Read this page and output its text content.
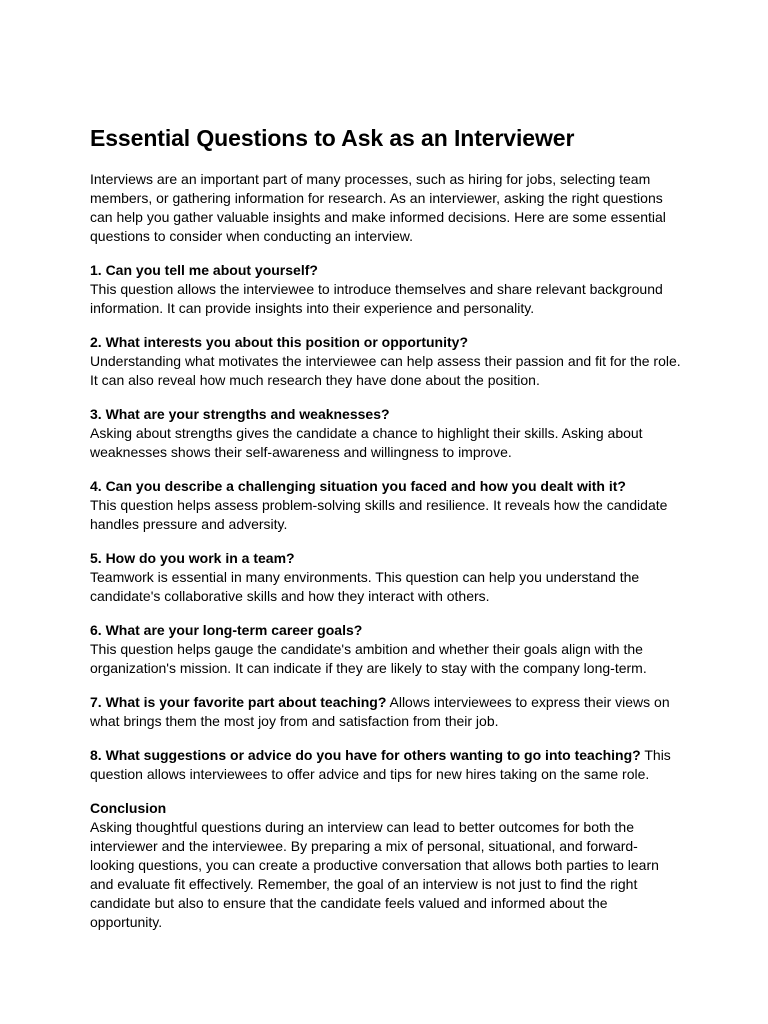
Essential Questions to Ask as an Interviewer

Interviews are an important part of many processes, such as hiring for jobs, selecting team members, or gathering information for research. As an interviewer, asking the right questions can help you gather valuable insights and make informed decisions. Here are some essential questions to consider when conducting an interview.

1. Can you tell me about yourself?
This question allows the interviewee to introduce themselves and share relevant background information. It can provide insights into their experience and personality.

2. What interests you about this position or opportunity?
Understanding what motivates the interviewee can help assess their passion and fit for the role. It can also reveal how much research they have done about the position.

3. What are your strengths and weaknesses?
Asking about strengths gives the candidate a chance to highlight their skills. Asking about weaknesses shows their self-awareness and willingness to improve.

4. Can you describe a challenging situation you faced and how you dealt with it?
This question helps assess problem-solving skills and resilience. It reveals how the candidate handles pressure and adversity.

5. How do you work in a team?
Teamwork is essential in many environments. This question can help you understand the candidate's collaborative skills and how they interact with others.

6. What are your long-term career goals?
This question helps gauge the candidate's ambition and whether their goals align with the organization's mission. It can indicate if they are likely to stay with the company long-term.

7. What is your favorite part about teaching? Allows interviewees to express their views on what brings them the most joy from and satisfaction from their job.

8. What suggestions or advice do you have for others wanting to go into teaching? This question allows interviewees to offer advice and tips for new hires taking on the same role.

Conclusion
Asking thoughtful questions during an interview can lead to better outcomes for both the interviewer and the interviewee. By preparing a mix of personal, situational, and forward-looking questions, you can create a productive conversation that allows both parties to learn and evaluate fit effectively. Remember, the goal of an interview is not just to find the right candidate but also to ensure that the candidate feels valued and informed about the opportunity.
